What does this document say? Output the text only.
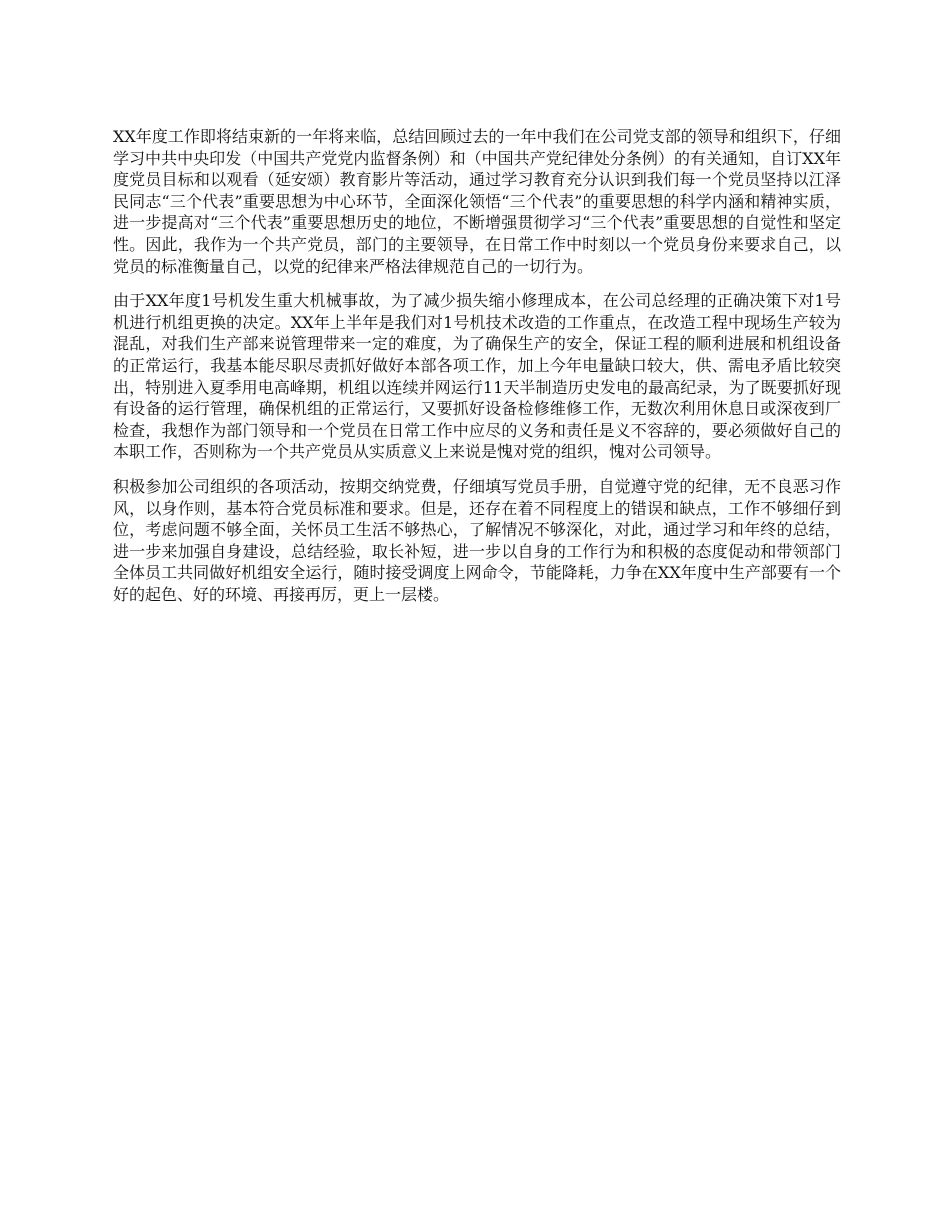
XX年度工作即将结束新的一年将来临，总结回顾过去的一年中我们在公司党支部的领导和组织下，仔细学习中共中央印发（中国共产党党内监督条例）和（中国共产党纪律处分条例）的有关通知，自订XX年度党员目标和以观看（延安颂）教育影片等活动，通过学习教育充分认识到我们每一个党员坚持以江泽民同志“三个代表”重要思想为中心环节，全面深化领悟“三个代表”的重要思想的科学内涵和精神实质，进一步提高对“三个代表”重要思想历史的地位，不断增强贯彻学习“三个代表”重要思想的自觉性和坚定性。因此，我作为一个共产党员，部门的主要领导，在日常工作中时刻以一个党员身份来要求自己，以党员的标准衡量自己，以党的纪律来严格法律规范自己的一切行为。

由于XX年度1号机发生重大机械事故，为了减少损失缩小修理成本，在公司总经理的正确决策下对1号机进行机组更换的决定。XX年上半年是我们对1号机技术改造的工作重点，在改造工程中现场生产较为混乱，对我们生产部来说管理带来一定的难度，为了确保生产的安全，保证工程的顺利进展和机组设备的正常运行，我基本能尽职尽责抓好做好本部各项工作，加上今年电量缺口较大，供、需电矛盾比较突出，特别进入夏季用电高峰期，机组以连续并网运行11天半制造历史发电的最高纪录，为了既要抓好现有设备的运行管理，确保机组的正常运行，又要抓好设备检修维修工作，无数次利用休息日或深夜到厂检查，我想作为部门领导和一个党员在日常工作中应尽的义务和责任是义不容辞的，要必须做好自己的本职工作，否则称为一个共产党员从实质意义上来说是愧对党的组织，愧对公司领导。

积极参加公司组织的各项活动，按期交纳党费，仔细填写党员手册，自觉遵守党的纪律，无不良恶习作风，以身作则，基本符合党员标准和要求。但是，还存在着不同程度上的错误和缺点，工作不够细仔到位，考虑问题不够全面，关怀员工生活不够热心，了解情况不够深化，对此，通过学习和年终的总结，进一步来加强自身建设，总结经验，取长补短，进一步以自身的工作行为和积极的态度促动和带领部门全体员工共同做好机组安全运行，随时接受调度上网命令，节能降耗，力争在XX年度中生产部要有一个好的起色、好的环境、再接再厉，更上一层楼。
